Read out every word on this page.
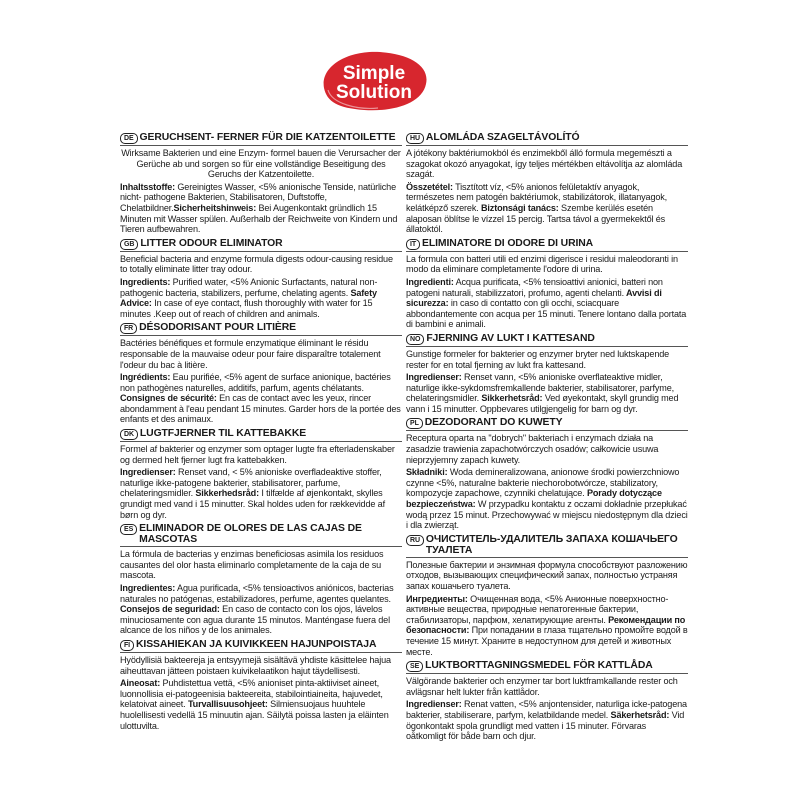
Simple
Solution
DE GERUCHSENT- FERNER FÜR DIE KATZENTOILETTE

Wirksame Bakterien und eine Enzym- formel bauen die Verursacher der Gerüche ab und sorgen so für eine vollständige Beseitigung des Geruchs der Katzentoilette.

Inhaltsstoffe: Gereinigtes Wasser, <5% anionische Tenside, natürliche nicht- pathogene Bakterien, Stabilisatoren, Duftstoffe, Chelatbildner.Sicherheitshinweis: Bei Augenkontakt gründlich 15 Minuten mit Wasser spülen. Außerhalb der Reichweite von Kindern und Tieren aufbewahren.

GB LITTER ODOUR ELIMINATOR

Beneficial bacteria and enzyme formula digests odour-causing residue to totally eliminate litter tray odour.

Ingredients: Purified water, <5% Anionic Surfactants, natural non-pathogenic bacteria, stabilizers, perfume, chelating agents. Safety Advice: In case of eye contact, flush thoroughly with water for 15 minutes .Keep out of reach of children and animals.

FR DÉSODORISANT POUR LITIÈRE

Bactéries bénéfiques et formule enzymatique éliminant le résidu responsable de la mauvaise odeur pour faire disparaître totalement l'odeur du bac à litière.

Ingrédients: Eau purifiée, <5% agent de surface anionique, bactéries non pathogènes naturelles, additifs, parfum, agents chélatants. Consignes de sécurité: En cas de contact avec les yeux, rincer abondamment à l'eau pendant 15 minutes. Garder hors de la portée des enfants et des animaux.

DK LUGTFJERNER TIL KATTEBAKKE

Formel af bakterier og enzymer som optager lugte fra efterladenskaber og dermed helt fjerner lugt fra kattebakken.

Ingredienser: Renset vand, < 5% anioniske overfladeaktive stoffer, naturlige ikke-patogene bakterier, stabilisatorer, parfume, chelateringsmidler. Sikkerhedsråd: I tilfælde af øjenkontakt, skylles grundigt med vand i 15 minutter. Skal holdes uden for rækkevidde af børn og dyr.

ES ELIMINADOR DE OLORES DE LAS CAJAS DE MASCOTAS

La fórmula de bacterias y enzimas beneficiosas asimila los residuos causantes del olor hasta eliminarlo completamente de la caja de su mascota.

Ingredientes: Agua purificada, <5% tensioactivos aniónicos, bacterias naturales no patógenas, estabilizadores, perfume, agentes quelantes. Consejos de seguridad: En caso de contacto con los ojos, lávelos minuciosamente con agua durante 15 minutos. Manténgase fuera del alcance de los niños y de los animales.

FI KISSAHIEKAN JA KUIVIKKEEN HAJUNPOISTAJA

Hyödyllisiä bakteereja ja entsyymejä sisältävä yhdiste käsittelee hajua aiheuttavan jätteen poistaen kuivikelaatikon hajut täydellisesti.

Aineosat: Puhdistettua vettä, <5% anioniset pinta-aktiiviset aineet, luonnollisia ei-patogeenisia bakteereita, stabilointiaineita, hajuvedet, kelatoivat aineet. Turvallisuusohjeet: Silmiensuojaus huuhtele huolellisesti vedellä 15 minuutin ajan. Säilytä poissa lasten ja eläinten ulottuvilta.

HU ALOMLÁDA SZAGELTÁVOLÍTÓ

A jótékony baktériumokból és enzimekből álló formula megemészti a szagokat okozó anyagokat, így teljes mértékben eltávolítja az alomláda szagát.

Összetétel: Tisztított víz, <5% anionos felületaktív anyagok, természetes nem patogén baktériumok, stabilizátorok, illatanyagok, kelátképző szerek. Biztonsági tanács: Szembe kerülés esetén alaposan öblítse le vízzel 15 percig. Tartsa távol a gyermekektől és állatoktól.

IT ELIMINATORE DI ODORE DI URINA

La formula con batteri utili ed enzimi digerisce i residui maleodoranti in modo da eliminare completamente l'odore di urina.

Ingredienti: Acqua purificata, <5% tensioattivi anionici, batteri non patogeni naturali, stabilizzatori, profumo, agenti chelanti. Avvisi di sicurezza: in caso di contatto con gli occhi, sciacquare abbondantemente con acqua per 15 minuti. Tenere lontano dalla portata di bambini e animali.

NO FJERNING AV LUKT I KATTESAND

Gunstige formeler for bakterier og enzymer bryter ned luktskapende rester for en total fjerning av lukt fra kattesand.

Ingredienser: Renset vann, <5% anioniske overflateaktive midler, naturlige ikke-sykdomsfremkallende bakterier, stabilisatorer, parfyme, chelateringsmidler. Sikkerhetsråd: Ved øyekontakt, skyll grundig med vann i 15 minutter. Oppbevares utilgjengelig for barn og dyr.

PL DEZODORANT DO KUWETY

Receptura oparta na "dobrych" bakteriach i enzymach działa na zasadzie trawienia zapachotwórczych osadów; całkowicie usuwa nieprzyjemny zapach kuwety.

Składniki: Woda demineralizowana, anionowe środki powierzchniowo czynne <5%, naturalne bakterie niechorobotwórcze, stabilizatory, kompozycje zapachowe, czynniki chelatujące. Porady dotyczące bezpieczeństwa: W przypadku kontaktu z oczami dokładnie przepłukać wodą przez 15 minut. Przechowywać w miejscu niedostępnym dla dzieci i dla zwierząt.

RU ОЧИСТИТЕЛЬ-УДАЛИТЕЛЬ ЗАПАХА КОШАЧЬЕГО ТУАЛЕТА

Полезные бактерии и энзимная формула способствуют разложению отходов, вызывающих специфический запах, полностью устраняя запах кошачьего туалета.

Ингредиенты: Очищенная вода, <5% Анионные поверхностно-активные вещества, природные непатогенные бактерии, стабилизаторы, парфюм, хелатирующие агенты. Рекомендации по безопасности: При попадании в глаза тщательно промойте водой в течение 15 минут. Храните в недоступном для детей и животных месте.

SE LUKTBORTTAGNINGSMEDEL FÖR KATTLÅDA

Välgörande bakterier och enzymer tar bort luktframkallande rester och avlägsnar helt lukter från kattlådor.

Ingredienser: Renat vatten, <5% anjontensider, naturliga icke-patogena bakterier, stabiliserare, parfym, kelatbildande medel. Säkerhetsråd: Vid ögonkontakt spola grundligt med vatten i 15 minuter. Förvaras oåtkomligt för både barn och djur.
